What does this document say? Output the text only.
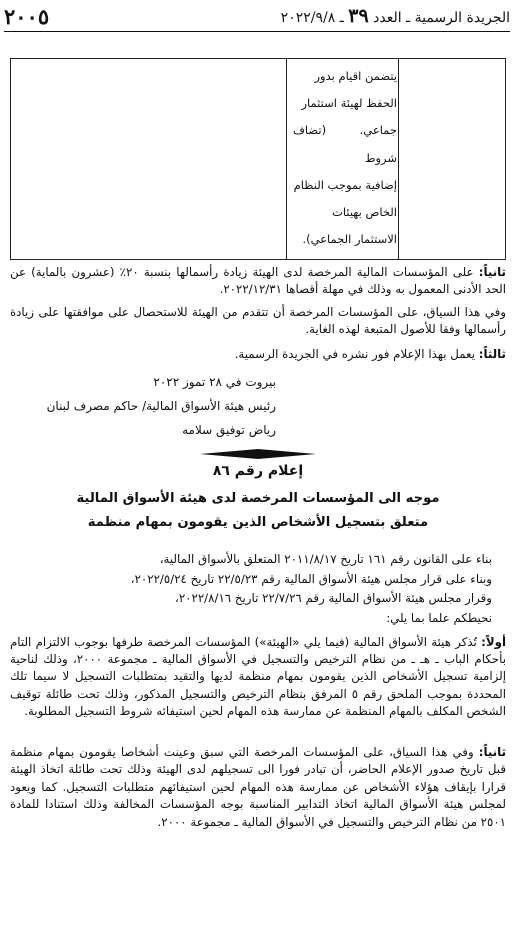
الجريدة الرسمية ـ العدد ٣٩ ـ ٢٠٢٢/٩/٨
٢٠٠٥
يتضمن اقيام بدور
الحفظ لهيئة استثمار
جماعي. (تضاف شروط
إضافية بموجب النظام
الخاص بهيئات
الاستثمار الجماعي).

ثانياً: على المؤسسات المالية المرخصة لدى الهيئة زيادة رأسمالها بنسبة ٢٠٪ (عشرون بالماية) عن الحد الأدنى المعمول به وذلك في مهلة أقصاها ٢٠٢٢/١٢/٣١.

وفي هذا السياق، على المؤسسات المرخصة أن تتقدم من الهيئة للاستحصال على موافقتها على زيادة رأسمالها وفقا للأصول المتبعة لهذه الغاية.

ثالثاً: يعمل بهذا الإعلام فور نشره في الجريدة الرسمية.

بيروت في ٢٨ تموز ٢٠٢٢
رئيس هيئة الأسواق المالية/ حاكم مصرف لبنان
رياض توفيق سلامه
إعلام رقم ٨٦
موجه الى المؤسسات المرخصة لدى هيئة الأسواق المالية
متعلق بتسجيل الأشخاص الذين يقومون بمهام منظمة
بناء على القانون رقم ١٦١ تاريخ ٢٠١١/٨/١٧ المتعلق بالأسواق المالية،
وبناء على قرار مجلس هيئة الأسواق المالية رقم ٢٢/٥/٢٣ تاريخ ٢٠٢٢/٥/٢٤،
وقرار مجلس هيئة الأسواق المالية رقم ٢٢/٧/٢٦ تاريخ ٢٠٢٢/٨/١٦،
نحيطكم علما بما يلي:

أولاً: تُذكر هيئة الأسواق المالية (فيما يلي «الهيئة») المؤسسات المرخصة طرفها بوجوب الالتزام التام بأحكام الباب ـ هـ ـ من نظام الترخيص والتسجيل في الأسواق المالية ـ مجموعة ٢٠٠٠، وذلك لناحية إلزامية تسجيل الأشخاص الذين يقومون بمهام منظمة لديها والتقيد بمتطلبات التسجيل لا سيما تلك المحددة بموجب الملحق رقم ٥ المرفق بنظام الترخيص والتسجيل المذكور، وذلك تحت طائلة توقيف الشخص المكلف بالمهام المنظمة عن ممارسة هذه المهام لحين استيفائه شروط التسجيل المطلوبة.

ثانياً: وفي هذا السياق، على المؤسسات المرخصة التي سبق وعينت أشخاصا يقومون بمهام منظمة قبل تاريخ صدور الإعلام الحاضر، أن تبادر فورا الى تسجيلهم لدى الهيئة وذلك تحت طائلة اتخاذ الهيئة قرارا بإيقاف هؤلاء الأشخاص عن ممارسة هذه المهام لحين استيفائهم متطلبات التسجيل. كما ويعود لمجلس هيئة الأسواق المالية اتخاذ التدابير المناسبة بوجه المؤسسات المخالفة وذلك استنادا للمادة ٢٥٠١ من نظام الترخيص والتسجيل في الأسواق المالية ـ مجموعة ٢٠٠٠.
